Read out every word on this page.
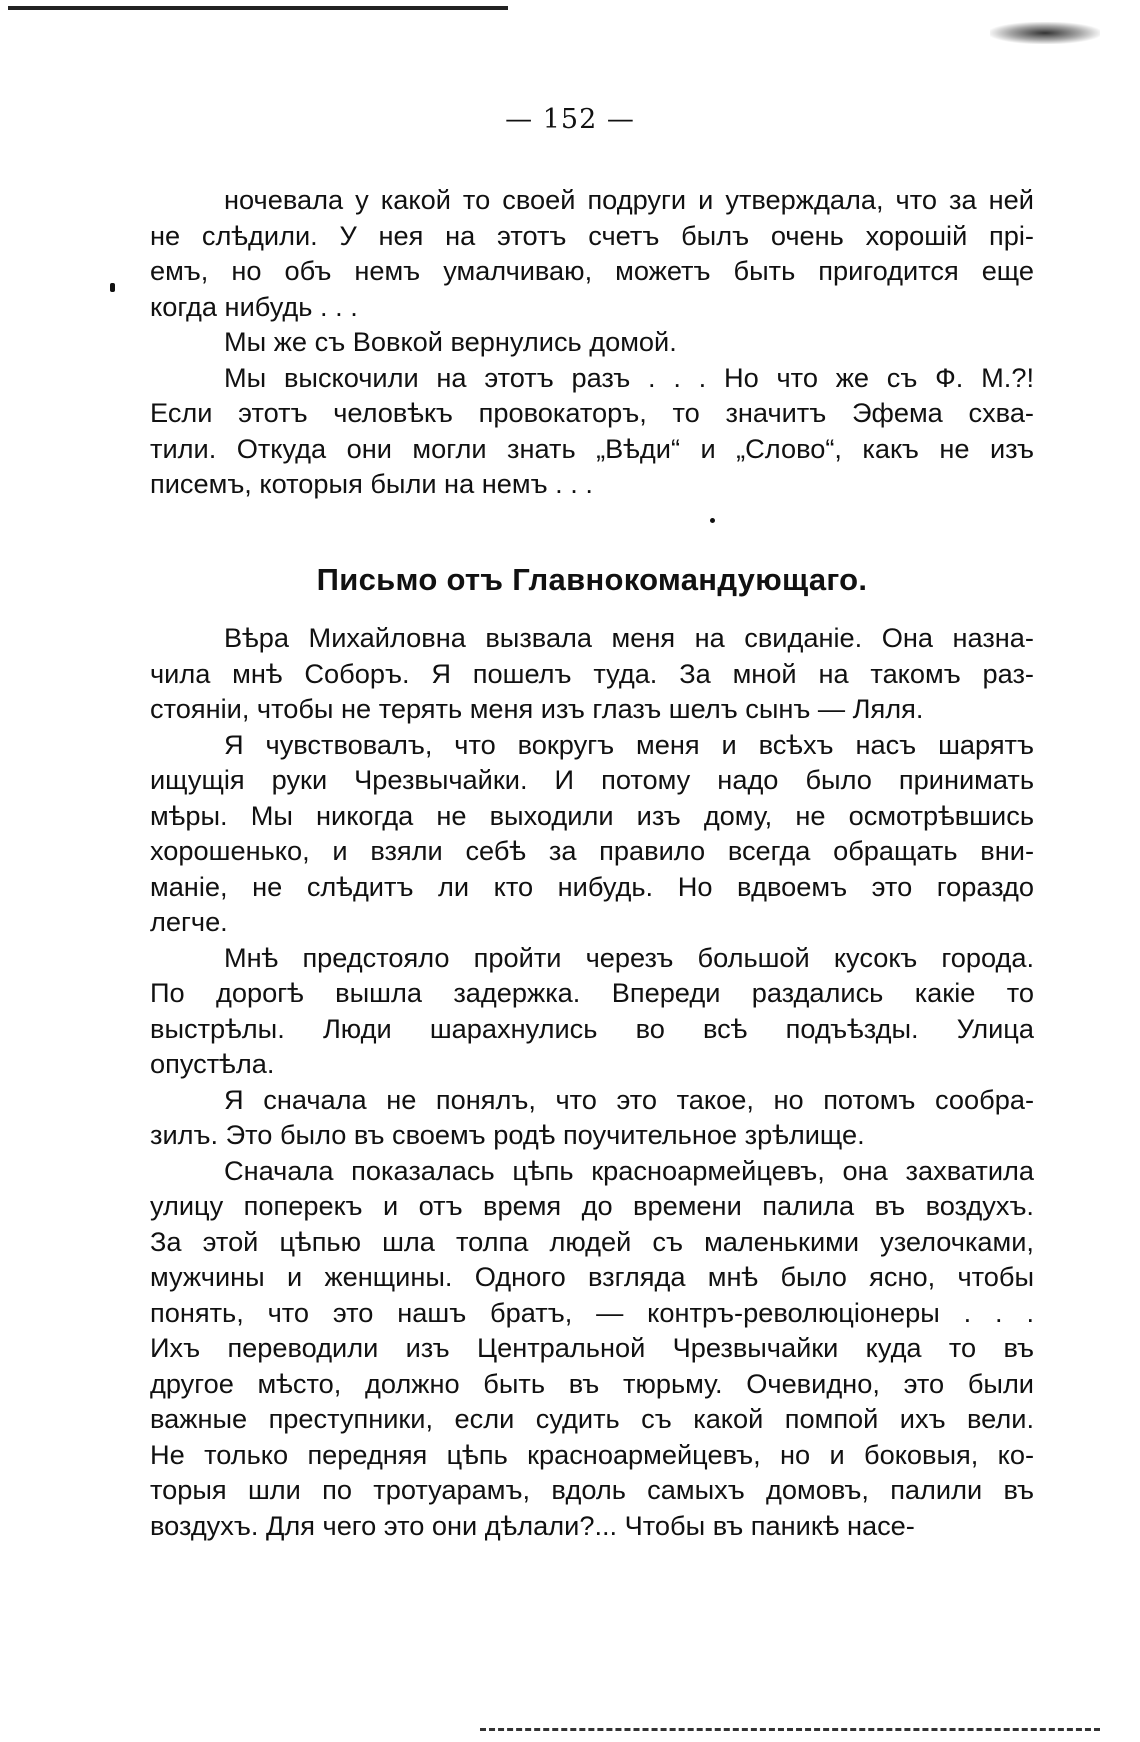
— 152 —
ночевала у какой то своей подруги и утверждала, что за ней
не слѣдили. У нея на этотъ счетъ былъ очень хорошій прі-
емъ, но объ немъ умалчиваю, можетъ быть пригодится еще
когда нибудь . . .
Мы же съ Вовкой вернулись домой.
Мы выскочили на этотъ разъ . . . Но что же съ Ф. М.?!
Если этотъ человѣкъ провокаторъ, то значитъ Эфема схва-
тили. Откуда они могли знать „Вѣди“ и „Слово“, какъ не изъ
писемъ, которыя были на немъ . . .
Письмо отъ Главнокомандующаго.
Вѣра Михайловна вызвала меня на свиданіе. Она назна-
чила мнѣ Соборъ. Я пошелъ туда. За мной на такомъ раз-
стояніи, чтобы не терять меня изъ глазъ шелъ сынъ — Ляля.
Я чувствовалъ, что вокругъ меня и всѣхъ насъ шарятъ
ищущія руки Чрезвычайки. И потому надо было принимать
мѣры. Мы никогда не выходили изъ дому, не осмотрѣвшись
хорошенько, и взяли себѣ за правило всегда обращать вни-
маніе, не слѣдитъ ли кто нибудь. Но вдвоемъ это гораздо
легче.
Мнѣ предстояло пройти черезъ большой кусокъ города.
По дорогѣ вышла задержка. Впереди раздались какіе то
выстрѣлы. Люди шарахнулись во всѣ подъѣзды. Улица
опустѣла.
Я сначала не понялъ, что это такое, но потомъ сообра-
зилъ. Это было въ своемъ родѣ поучительное зрѣлище.
Сначала показалась цѣпь красноармейцевъ, она захватила
улицу поперекъ и отъ время до времени палила въ воздухъ.
За этой цѣпью шла толпа людей съ маленькими узелочками,
мужчины и женщины. Одного взгляда мнѣ было ясно, чтобы
понять, что это нашъ братъ, — контръ-революціонеры . . .
Ихъ переводили изъ Центральной Чрезвычайки куда то въ
другое мѣсто, должно быть въ тюрьму. Очевидно, это были
важные преступники, если судить съ какой помпой ихъ вели.
Не только передняя цѣпь красноармейцевъ, но и боковыя, ко-
торыя шли по тротуарамъ, вдоль самыхъ домовъ, палили въ
воздухъ. Для чего это они дѣлали?... Чтобы въ паникѣ насе-
